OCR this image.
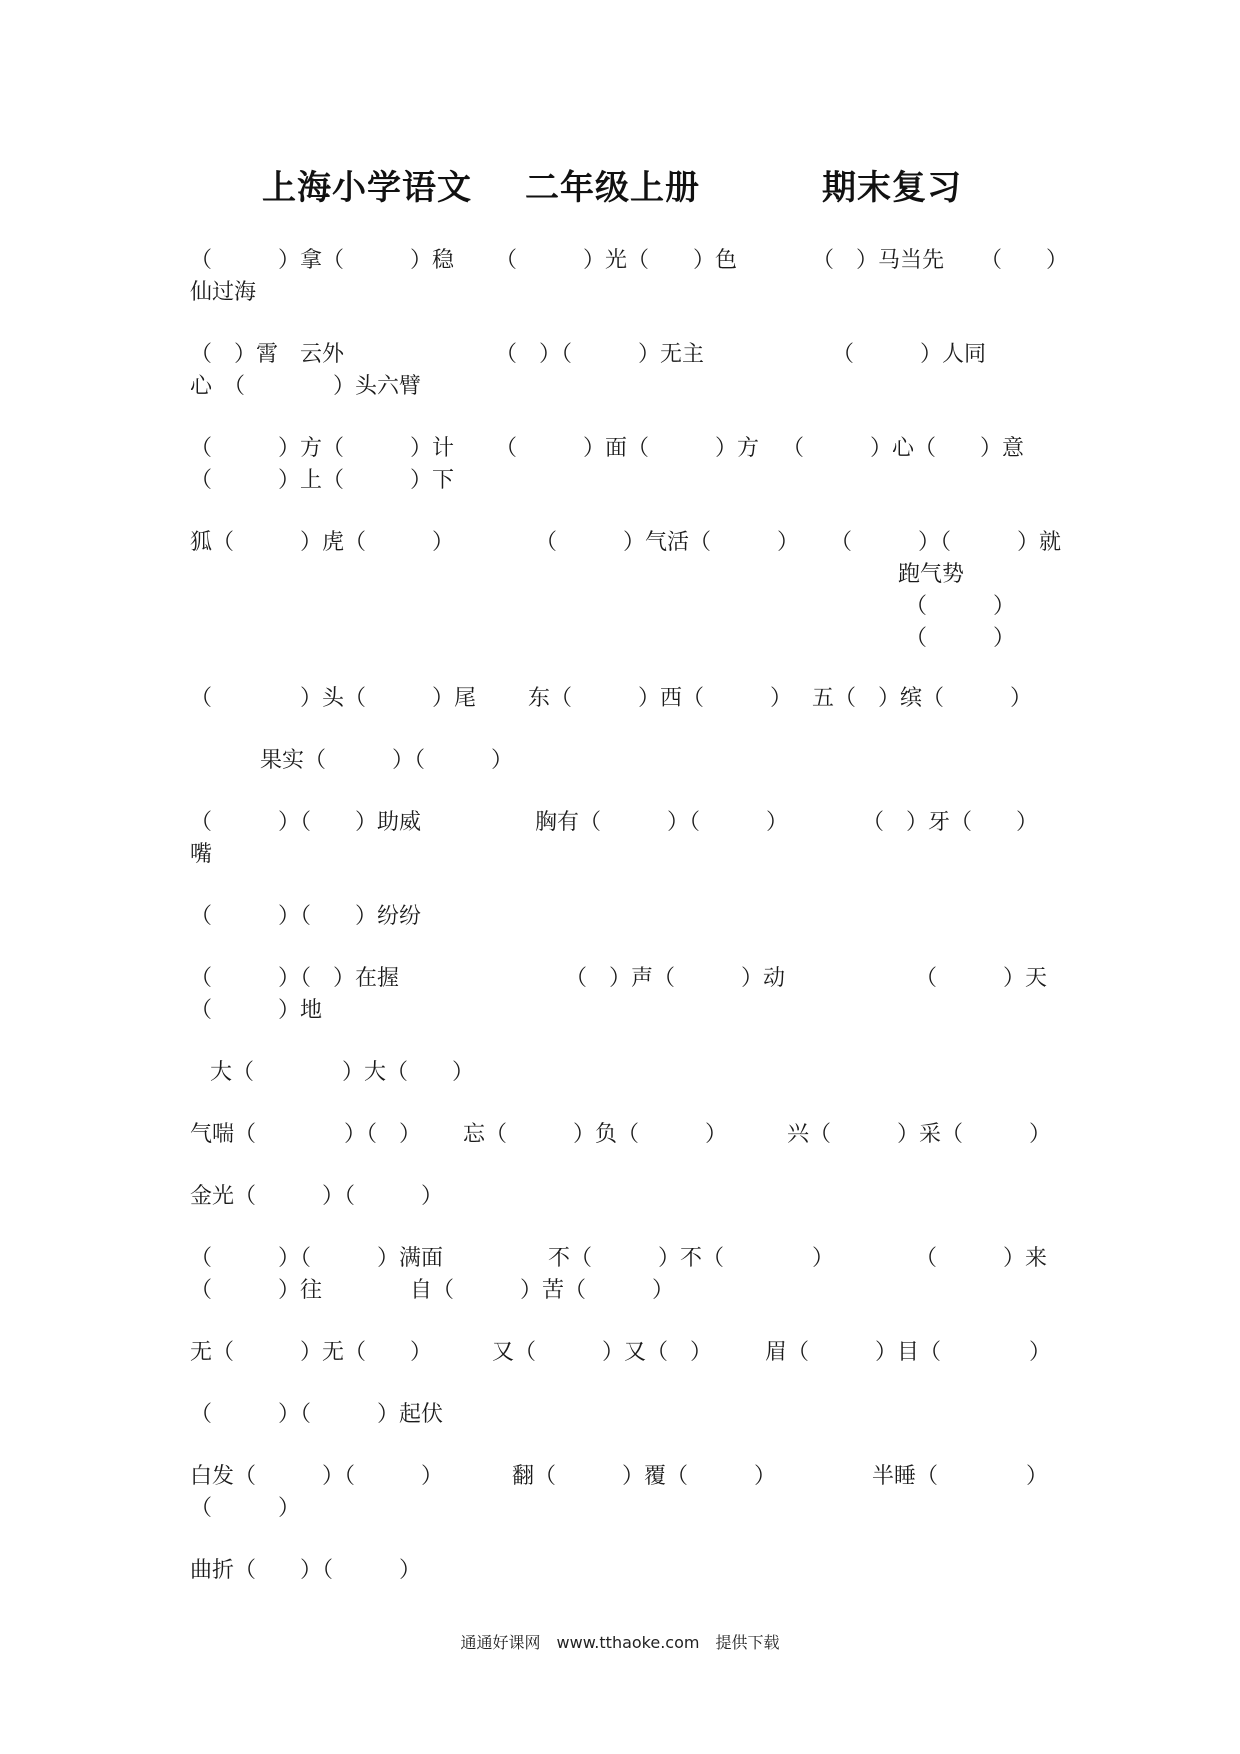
上海小学语文 二年级上册	期末复习
（　　　）拿（　　　）稳 （　　　）光（　　）色	（　）马当先 （　　）
仙过海
（　）霄　云外	（　）（　　　）无主	（　　　）人同
心　（　　　　）头六臂
（　　　）方（　　　）计 （　　　）面（　　　）方 （　　　）心（　　）意
（　　　）上（　　　）下
狐（　　　）虎（　　　）	（　　　）气活（　　　） （　　　）（　　　）就
跑气势
（　　　）
（　　　）
（　　　　）头（　　　）尾 东（　　　）西（　　　） 五（　）缤（　　　）
果实（　　　）（　　　）
（　　　）（　　）助威	胸有（　　　）（　　　）	（　）牙（　　）
嘴
（　　　）（　　）纷纷
（　　　）（　）在握	（　）声（　　　）动	（　　　）天
（　　　）地
大（　　　　）大（　　）
气喘（　　　　）（　） 忘（　　　）负（　　　）	兴（　　　）采（　　　）
金光（　　　）（　　　）
（　　　）（　　　）满面	不（　　　）不（　　　　）	（　　　）来
（　　　）往	自（　　　）苦（　　　）
无（　　　）无（　　）	又（　　　）又（　） 眉（　　　）目（　　　　）
（　　　）（　　　）起伏
白发（　　　）（　　　）	翻（　　　）覆（　　　）	半睡（　　　　）
（　　　）
曲折（　　）（　　　）
通通好课网　www.tthaoke.com　提供下载
